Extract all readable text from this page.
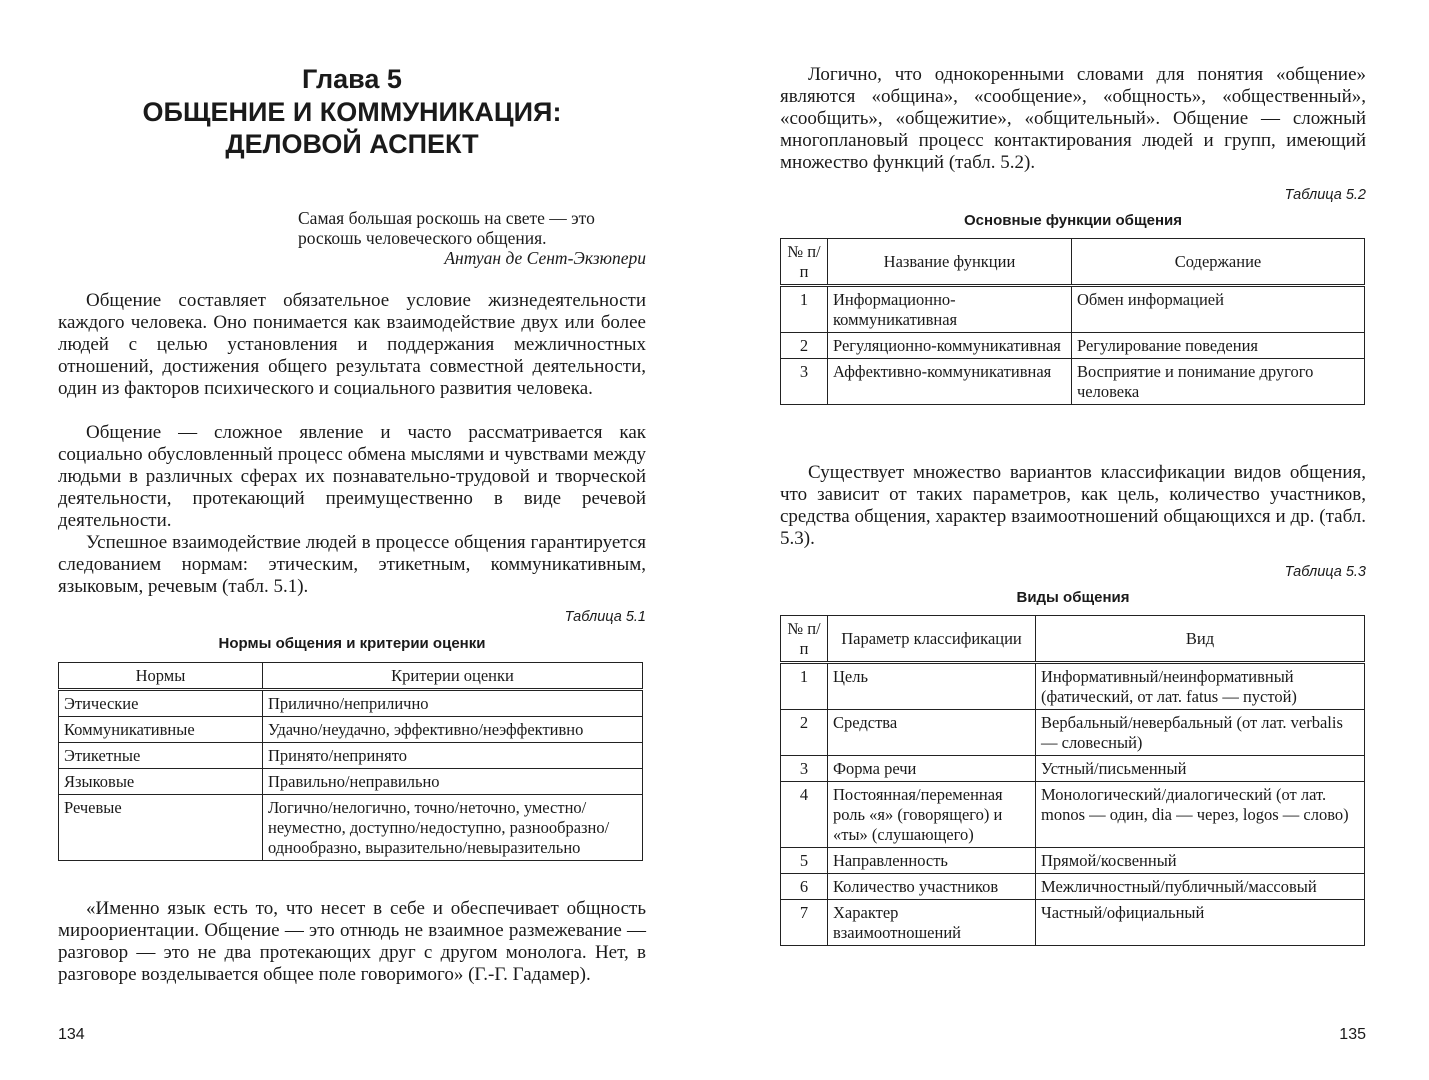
Глава 5
ОБЩЕНИЕ И КОММУНИКАЦИЯ:
ДЕЛОВОЙ АСПЕКТ
Самая большая роскошь на свете — это
роскошь человеческого общения.
Антуан де Сент-Экзюпери

Общение составляет обязательное условие жизнедеятельности каждого человека. Оно понимается как взаимодействие двух или более людей с целью установления и поддержания межличностных отношений, достижения общего результата совместной деятельности, один из факторов психического и социального развития человека.

Общение — сложное явление и часто рассматривается как социально обусловленный процесс обмена мыслями и чувствами между людьми в различных сферах их познавательно-трудовой и творческой деятельности, протекающий преимущественно в виде речевой деятельности.

Успешное взаимодействие людей в процессе общения гарантируется следованием нормам: этическим, этикетным, коммуникативным, языковым, речевым (табл. 5.1).

Таблица 5.1
Нормы общения и критерии оценки
Нормы	Критерии оценки
Этические	Прилично/неприлично
Коммуникативные	Удачно/неудачно, эффективно/неэффективно
Этикетные	Принято/непринято
Языковые	Правильно/неправильно
Речевые	Логично/нелогично, точно/неточно, уместно/неуместно, доступно/недоступно, разнообразно/однообразно, выразительно/невыразительно

«Именно язык есть то, что несет в себе и обеспечивает общность мироориентации. Общение — это отнюдь не взаимное размежевание — разговор — это не два протекающих друг с другом монолога. Нет, в разговоре возделывается общее поле говоримого» (Г.-Г. Гадамер).

134

Логично, что однокоренными словами для понятия «общение» являются «община», «сообщение», «общность», «общественный», «сообщить», «общежитие», «общительный». Общение — сложный многоплановый процесс контактирования людей и групп, имеющий множество функций (табл. 5.2).

Таблица 5.2
Основные функции общения
№ п/п	Название функции	Содержание
1	Информационно-коммуникативная	Обмен информацией
2	Регуляционно-коммуникативная	Регулирование поведения
3	Аффективно-коммуникативная	Восприятие и понимание другого человека

Существует множество вариантов классификации видов общения, что зависит от таких параметров, как цель, количество участников, средства общения, характер взаимоотношений общающихся и др. (табл. 5.3).

Таблица 5.3
Виды общения
№ п/п	Параметр классификации	Вид
1	Цель	Информативный/неинформативный (фатический, от лат. fatus — пустой)
2	Средства	Вербальный/невербальный (от лат. verbalis — словесный)
3	Форма речи	Устный/письменный
4	Постоянная/переменная роль «я» (говорящего) и «ты» (слушающего)	Монологический/диалогический (от лат. monos — один, dia — через, logos — слово)
5	Направленность	Прямой/косвенный
6	Количество участников	Межличностный/публичный/массовый
7	Характер взаимоотношений	Частный/официальный
135
